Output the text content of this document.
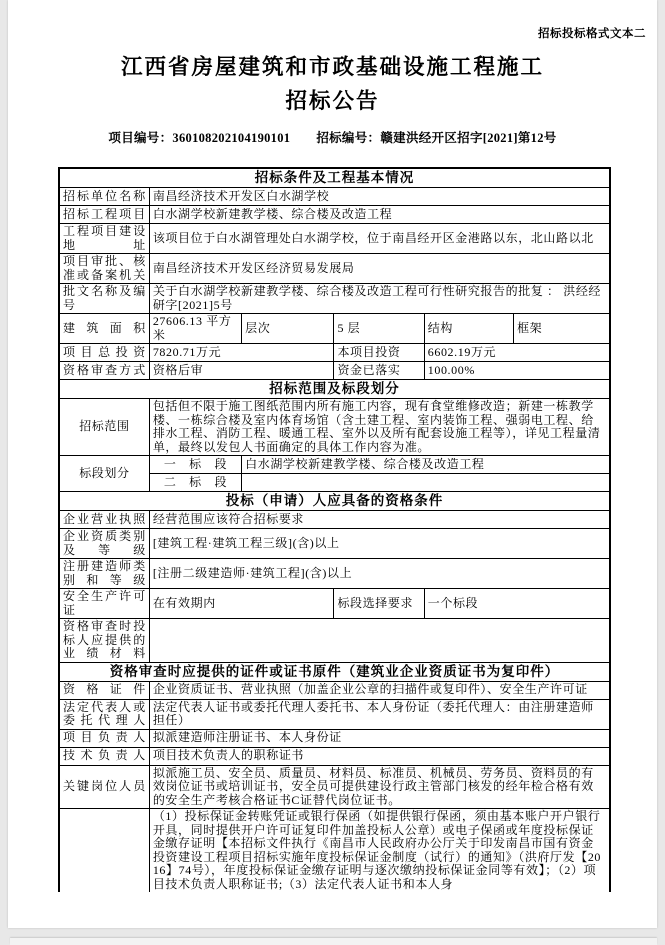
招标投标格式文本二
江西省房屋建筑和市政基础设施工程施工
招标公告
项目编号：360108202104190101 招标编号：赣建洪经开区招字[2021]第12号
招标条件及工程基本情况					
招标单位名称	南昌经济技术开发区白水湖学校				
招标工程项目	白水湖学校新建教学楼、综合楼及改造工程				
工程项目建设地址	该项目位于白水湖管理处白水湖学校，位于南昌经开区金港路以东，北山路以北				
项目审批、核准或备案机关	南昌经济技术开发区经济贸易发展局				
批文名称及编号	关于白水湖学校新建教学楼、综合楼及改造工程可行性研究报告的批复 ： 洪经经研字[2021]5号				
建筑面积	27606.13 平方米	层次	5 层	结构	框架
项目总投资	7820.71万元		本项目投资	6602.19万元	
资格审查方式	资格后审		资金已落实	100.00%	
招标范围及标段划分					
招标范围	包括但不限于施工图纸范围内所有施工内容，现有食堂维修改造；新建一栋教学楼、一栋综合楼及室内体育场馆（含土建工程、室内装饰工程、强弱电工程、给排水工程、消防工程、暖通工程、室外以及所有配套设施工程等），详见工程量清单，最终以发包人书面确定的具体工作内容为准。				
标段划分	一标段	白水湖学校新建教学楼、综合楼及改造工程			
	二标段				
投标（申请）人应具备的资格条件					
企业营业执照	经营范围应该符合招标要求				
企业资质类别及等级	[建筑工程·建筑工程三级](含)以上				
注册建造师类别和等级	[注册二级建造师·建筑工程](含)以上				
安全生产许可证	在有效期内		标段选择要求	一个标段	
资格审查时投标人应提供的业绩材料					
资格审查时应提供的证件或证书原件（建筑业企业资质证书为复印件）					
资格证件	企业资质证书、营业执照（加盖企业公章的扫描件或复印件）、安全生产许可证				
法定代表人或委托代理人	法定代表人证书或委托代理人委托书、本人身份证（委托代理人：由注册建造师担任）				
项目负责人	拟派建造师注册证书、本人身份证				
技术负责人	项目技术负责人的职称证书				
关键岗位人员	拟派施工员、安全员、质量员、材料员、标准员、机械员、劳务员、资料员的有效岗位证书或培训证书，安全员可提供建设行政主管部门核发的经年检合格有效的安全生产考核合格证书C证替代岗位证书。				
	（1）投标保证金转账凭证或银行保函（如提供银行保函，须由基本账户开户银行开具，同时提供开户许可证复印件加盖投标人公章）或电子保函或年度投标保证金缴存证明【本招标文件执行《南昌市人民政府办公厅关于印发南昌市国有资金投资建设工程项目招标实施年度投标保证金制度（试行）的通知》（洪府厅发【2016】74号），年度投标保证金缴存证明与逐次缴纳投标保证金同等有效】；（2）项目技术负责人职称证书;（3）法定代表人证书和本人身				
